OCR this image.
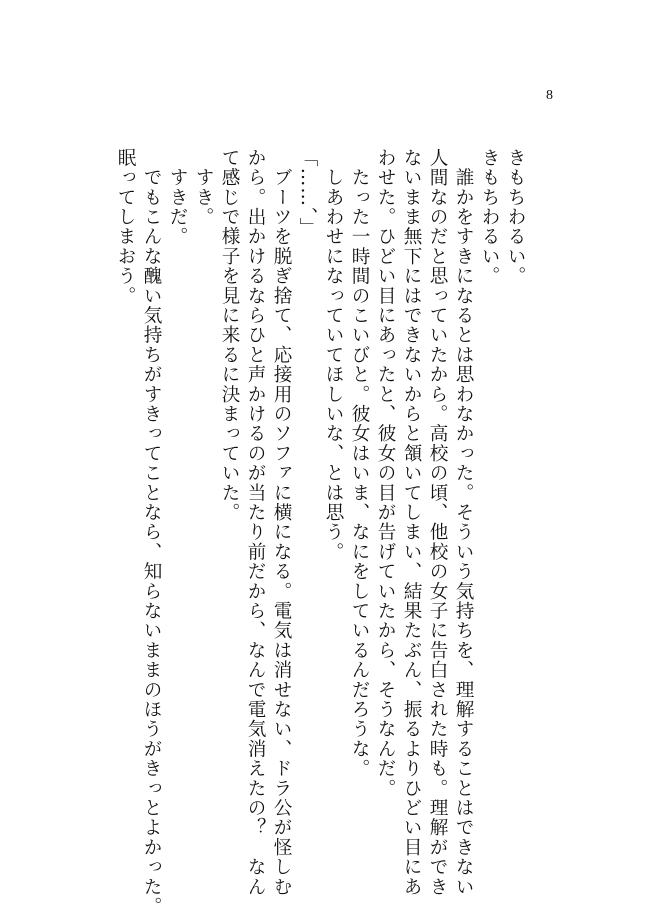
8
きもちわるい。
きもちわるい。
　誰かをすきになるとは思わなかった。そういう気持ちを、理解することはできない
人間なのだと思っていたから。高校の頃、他校の女子に告白された時も。理解ができ
ないまま無下にはできないからと頷いてしまい、結果たぶん、振るよりひどい目にあ
わせた。ひどい目にあったと、彼女の目が告げていたから、そうなんだ。
　たった一時間のこいびと。彼女はいま、なにをしているんだろうな。
　しあわせになっていてほしいな、とは思う。
「……、」
　ブーツを脱ぎ捨て、応接用のソファに横になる。電気は消せない、ドラ公が怪しむ
から。出かけるならひと声かけるのが当たり前だから、なんで電気消えたの？　なん
て感じで様子を見に来るに決まっていた。
　すき。
　すきだ。
　でもこんな醜い気持ちがすきってことなら、知らないままのほうがきっとよかった。
眠ってしまおう。
